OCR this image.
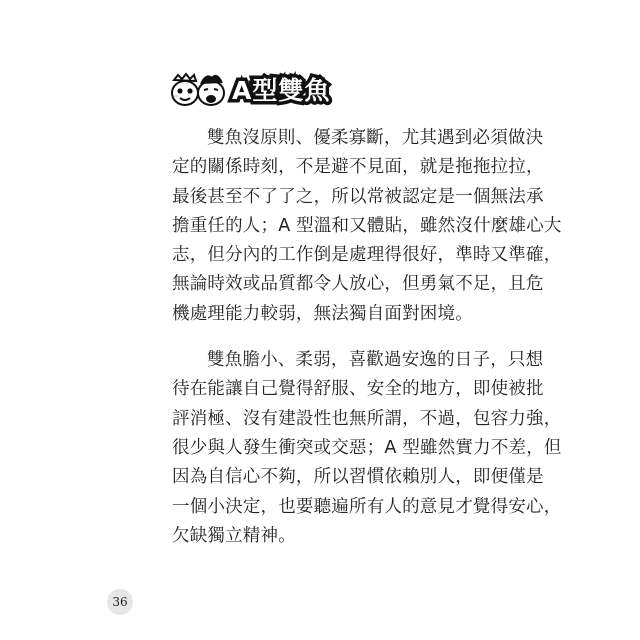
A型雙魚

雙魚沒原則、優柔寡斷，尤其遇到必須做決
定的關係時刻，不是避不見面，就是拖拖拉拉，
最後甚至不了了之，所以常被認定是一個無法承
擔重任的人；A 型溫和又體貼，雖然沒什麼雄心大
志，但分內的工作倒是處理得很好，準時又準確，
無論時效或品質都令人放心，但勇氣不足，且危
機處理能力較弱，無法獨自面對困境。

雙魚膽小、柔弱，喜歡過安逸的日子，只想
待在能讓自己覺得舒服、安全的地方，即使被批
評消極、沒有建設性也無所謂，不過，包容力強，
很少與人發生衝突或交惡；A 型雖然實力不差，但
因為自信心不夠，所以習慣依賴別人，即便僅是
一個小決定，也要聽遍所有人的意見才覺得安心，
欠缺獨立精神。

36
